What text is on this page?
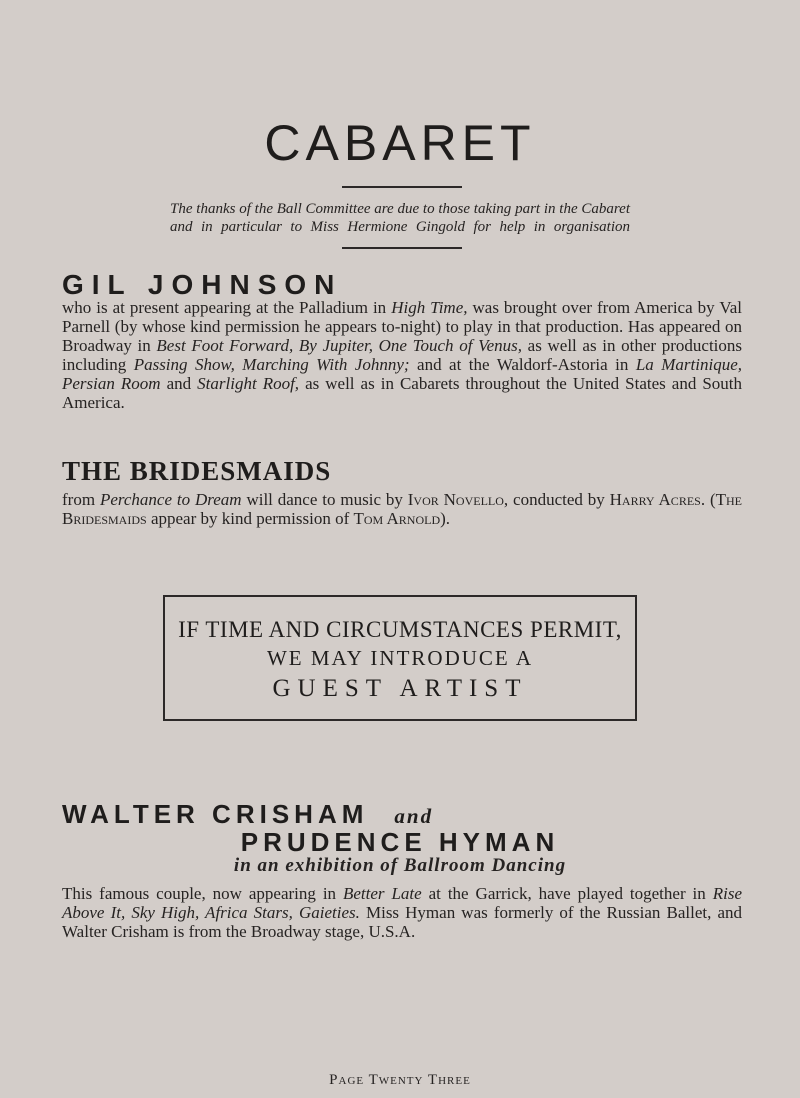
CABARET
The thanks of the Ball Committee are due to those taking part in the Cabaret and in particular to Miss Hermione Gingold for help in organisation
GIL JOHNSON
who is at present appearing at the Palladium in High Time, was brought over from America by Val Parnell (by whose kind permission he appears to-night) to play in that production. Has appeared on Broadway in Best Foot Forward, By Jupiter, One Touch of Venus, as well as in other productions including Passing Show, Marching With Johnny; and at the Waldorf-Astoria in La Martinique, Persian Room and Starlight Roof, as well as in Cabarets throughout the United States and South America.
THE BRIDESMAIDS
from Perchance to Dream will dance to music by Ivor Novello, conducted by Harry Acres. (The Bridesmaids appear by kind permission of Tom Arnold).
IF TIME AND CIRCUMSTANCES PERMIT,
WE MAY INTRODUCE A
GUEST ARTIST
WALTER CRISHAM and
PRUDENCE HYMAN
in an exhibition of Ballroom Dancing
This famous couple, now appearing in Better Late at the Garrick, have played together in Rise Above It, Sky High, Africa Stars, Gaieties. Miss Hyman was formerly of the Russian Ballet, and Walter Crisham is from the Broadway stage, U.S.A.
Page Twenty Three
